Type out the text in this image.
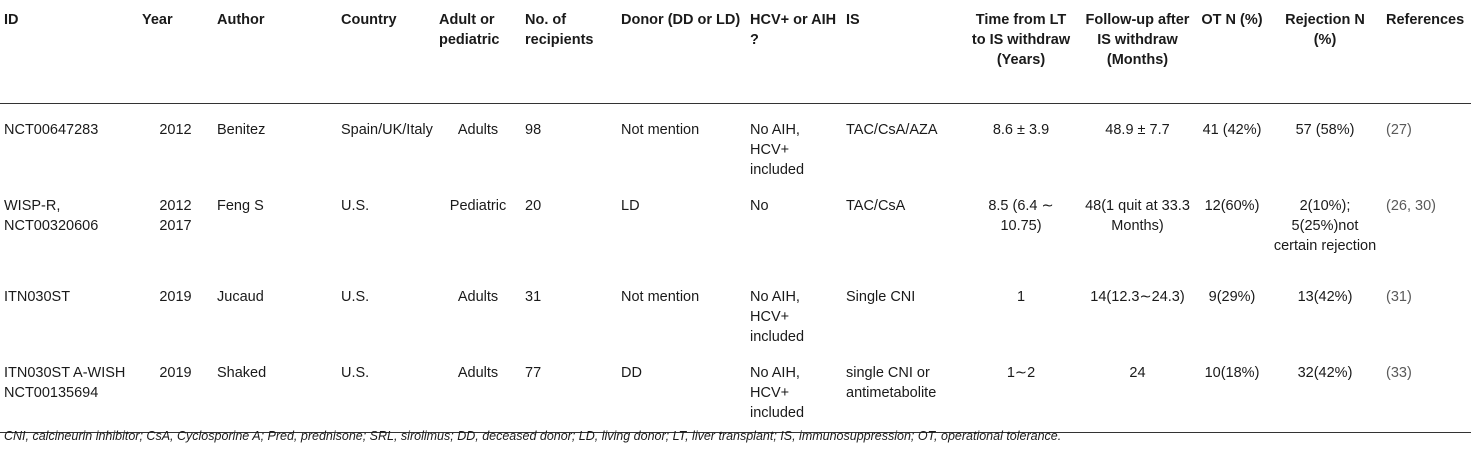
ID	Year	Author	Country	Adult or pediatric	No. of recipients	Donor (DD or LD)	HCV+ or AIH ?	IS	Time from LT to IS withdraw (Years)	Follow-up after IS withdraw (Months)	OT N (%)	Rejection N (%)	References
NCT00647283	2012	Benitez	Spain/UK/Italy	Adults	98	Not mention	No AIH, HCV+ included	TAC/CsA/AZA	8.6 ± 3.9	48.9 ± 7.7	41 (42%)	57 (58%)	(27)
WISP-R, NCT00320606	2012 2017	Feng S	U.S.	Pediatric	20	LD	No	TAC/CsA	8.5 (6.4 ∼ 10.75)	48(1 quit at 33.3 Months)	12(60%)	2(10%); 5(25%)not certain rejection	(26, 30)
ITN030ST	2019	Jucaud	U.S.	Adults	31	Not mention	No AIH, HCV+ included	Single CNI	1	14(12.3∼24.3)	9(29%)	13(42%)	(31)
ITN030ST A-WISH NCT00135694	2019	Shaked	U.S.	Adults	77	DD	No AIH, HCV+ included	single CNI or antimetabolite	1∼2	24	10(18%)	32(42%)	(33)
CNI, calcineurin inhibitor; CsA, Cyclosporine A; Pred, prednisone; SRL, sirolimus; DD, deceased donor; LD, living donor; LT, liver transplant; IS, immunosuppression; OT, operational tolerance.
